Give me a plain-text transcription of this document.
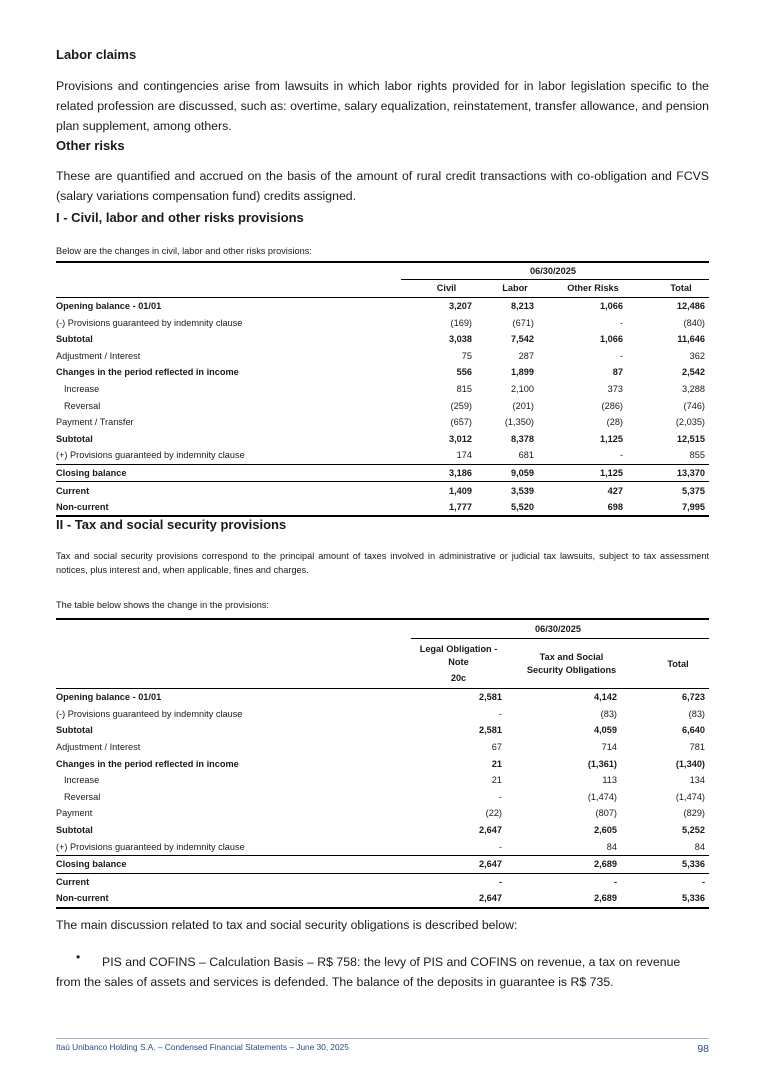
Labor claims

Provisions and contingencies arise from lawsuits in which labor rights provided for in labor legislation specific to the related profession are discussed, such as: overtime, salary equalization, reinstatement, transfer allowance, and pension plan supplement, among others.

Other risks

These are quantified and accrued on the basis of the amount of rural credit transactions with co-obligation and FCVS (salary variations compensation fund) credits assigned.

I - Civil, labor and other risks provisions

Below are the changes in civil, labor and other risks provisions:

	06/30/2025			
	Civil	Labor	Other Risks	Total
Opening balance - 01/01	3,207	8,213	1,066	12,486
(-) Provisions guaranteed by indemnity clause	(169)	(671)	-	(840)
Subtotal	3,038	7,542	1,066	11,646
Adjustment / Interest	75	287	-	362
Changes in the period reflected in income	556	1,899	87	2,542
Increase	815	2,100	373	3,288
Reversal	(259)	(201)	(286)	(746)
Payment / Transfer	(657)	(1,350)	(28)	(2,035)
Subtotal	3,012	8,378	1,125	12,515
(+) Provisions guaranteed by indemnity clause	174	681	-	855
Closing balance	3,186	9,059	1,125	13,370
Current	1,409	3,539	427	5,375
Non-current	1,777	5,520	698	7,995
II - Tax and social security provisions

Tax and social security provisions correspond to the principal amount of taxes involved in administrative or judicial tax lawsuits, subject to tax assessment notices, plus interest and, when applicable, fines and charges.

The table below shows the change in the provisions:

	06/30/2025		

Legal Obligation -
Note
20c

Tax and Social
Security Obligations
	Total
Opening balance - 01/01	2,581	4,142	6,723
(-) Provisions guaranteed by indemnity clause	-	(83)	(83)
Subtotal	2,581	4,059	6,640
Adjustment / Interest	67	714	781
Changes in the period reflected in income	21	(1,361)	(1,340)
Increase	21	113	134
Reversal	-	(1,474)	(1,474)
Payment	(22)	(807)	(829)
Subtotal	2,647	2,605	5,252
(+) Provisions guaranteed by indemnity clause	-	84	84
Closing balance	2,647	2,689	5,336
Current	-	-	-
Non-current	2,647	2,689	5,336

The main discussion related to tax and social security obligations is described below:

• PIS and COFINS – Calculation Basis – R$ 758: the levy of PIS and COFINS on revenue, a tax on revenue

from the sales of assets and services is defended. The balance of the deposits in guarantee is R$ 735.

Itaú Unibanco Holding S.A. – Condensed Financial Statements – June 30, 2025	98
